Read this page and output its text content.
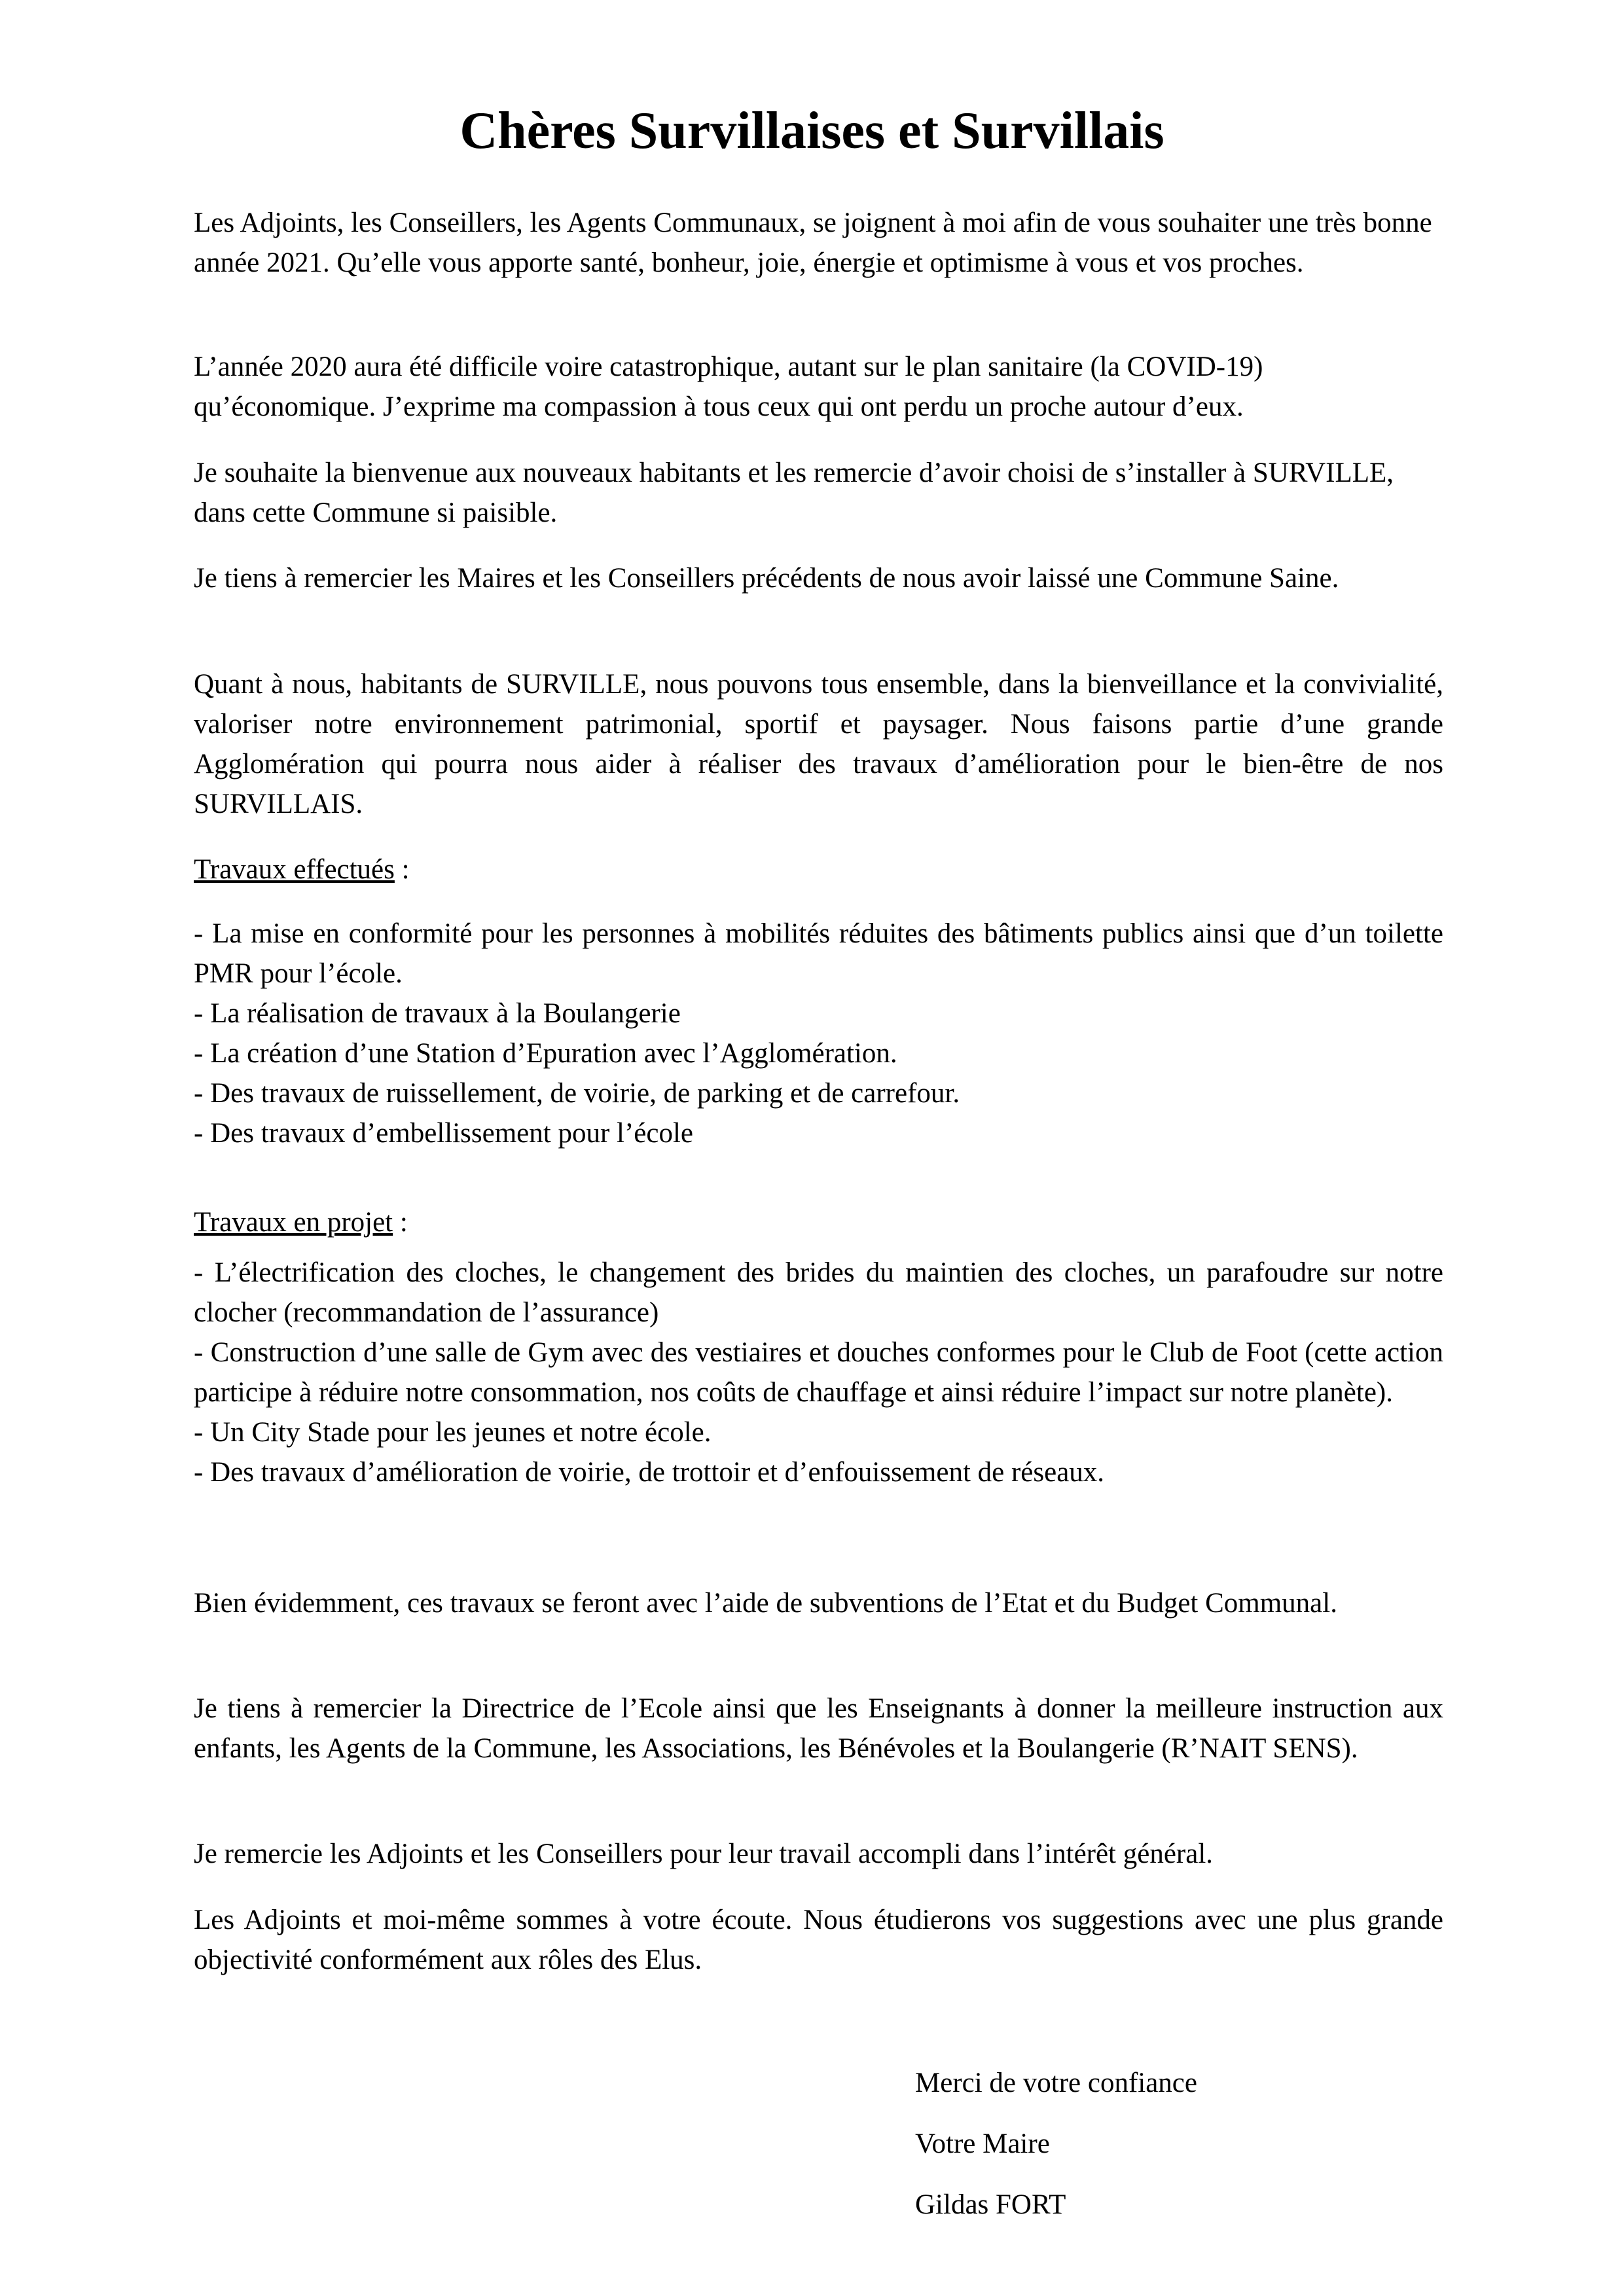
Chères Survillaises et Survillais

Les Adjoints, les Conseillers, les Agents Communaux, se joignent à moi afin de vous souhaiter une très bonne année 2021. Qu’elle vous apporte santé, bonheur, joie, énergie et optimisme à vous et vos proches.

L’année 2020 aura été difficile voire catastrophique, autant sur le plan sanitaire (la COVID-19) qu’économique. J’exprime ma compassion à tous ceux qui ont perdu un proche autour d’eux.

Je souhaite la bienvenue aux nouveaux habitants et les remercie d’avoir choisi de s’installer à SURVILLE, dans cette Commune si paisible.

Je tiens à remercier les Maires et les Conseillers précédents de nous avoir laissé une Commune Saine.

Quant à nous, habitants de SURVILLE, nous pouvons tous ensemble, dans la bienveillance et la convivialité, valoriser notre environnement patrimonial, sportif et paysager. Nous faisons partie d’une grande Agglomération qui pourra nous aider à réaliser des travaux d’amélioration pour le bien-être de nos SURVILLAIS.

Travaux effectués :

- La mise en conformité pour les personnes à mobilités réduites des bâtiments publics ainsi que d’un toilette PMR pour l’école.
- La réalisation de travaux à la Boulangerie
- La création d’une Station d’Epuration avec l’Agglomération.
- Des travaux de ruissellement, de voirie, de parking et de carrefour.
- Des travaux d’embellissement pour l’école

Travaux en projet :

- L’électrification des cloches, le changement des brides du maintien des cloches, un parafoudre sur notre clocher (recommandation de l’assurance)
- Construction d’une salle de Gym avec des vestiaires et douches conformes pour le Club de Foot (cette action participe à réduire notre consommation, nos coûts de chauffage et ainsi réduire l’impact sur notre planète).
- Un City Stade pour les jeunes et notre école.
- Des travaux d’amélioration de voirie, de trottoir et d’enfouissement de réseaux.

Bien évidemment, ces travaux se feront avec l’aide de subventions de l’Etat et du Budget Communal.

Je tiens à remercier la Directrice de l’Ecole ainsi que les Enseignants à donner la meilleure instruction aux enfants, les Agents de la Commune, les Associations, les Bénévoles et la Boulangerie (R’NAIT SENS).

Je remercie les Adjoints et les Conseillers pour leur travail accompli dans l’intérêt général.

Les Adjoints et moi-même sommes à votre écoute. Nous étudierons vos suggestions avec une plus grande objectivité conformément aux rôles des Elus.

Merci de votre confiance

Votre Maire

Gildas FORT
